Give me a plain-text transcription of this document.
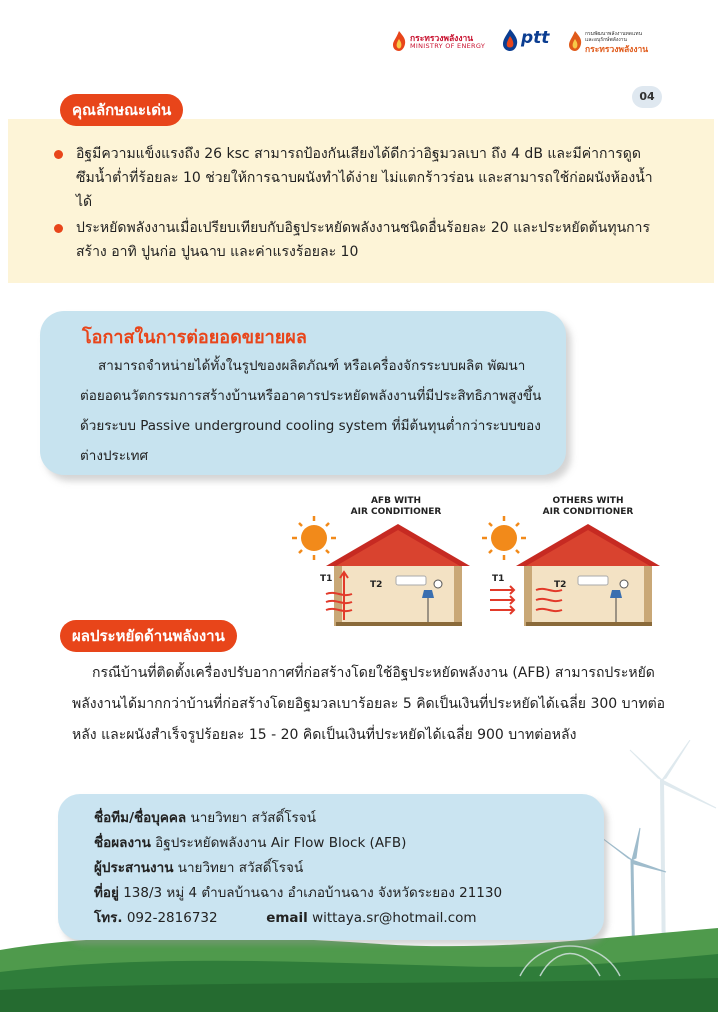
กระทรวงพลังงาน
MINISTRY OF ENERGY ptt	กรมพัฒนาพลังงานทดแทน
และอนุรักษ์พลังงาน
กระทรวงพลังงาน
04
คุณลักษณะเด่น
อิฐมีความแข็งแรงถึง 26 ksc สามารถป้องกันเสียงได้ดีกว่าอิฐมวลเบา ถึง 4 dB และมีค่าการดูดซึมน้ำต่ำที่ร้อยละ 10 ช่วยให้การฉาบผนังทำได้ง่าย ไม่แตกร้าวร่อน และสามารถใช้ก่อผนังห้องน้ำได้
ประหยัดพลังงานเมื่อเปรียบเทียบกับอิฐประหยัดพลังงานชนิดอื่นร้อยละ 20 และประหยัดต้นทุนการสร้าง อาทิ ปูนก่อ ปูนฉาบ และค่าแรงร้อยละ 10
โอกาสในการต่อยอดขยายผล
สามารถจำหน่ายได้ทั้งในรูปของผลิตภัณฑ์ หรือเครื่องจักรระบบผลิต พัฒนาต่อยอดนวัตกรรมการสร้างบ้านหรืออาคารประหยัดพลังงานที่มีประสิทธิภาพสูงขึ้นด้วยระบบ Passive underground cooling system ที่มีต้นทุนต่ำกว่าระบบของต่างประเทศ
AFB WITH
AIR CONDITIONER
OTHERS WITH
AIR CONDITIONER
T1
T2
T1
T2
ผลประหยัดด้านพลังงาน
กรณีบ้านที่ติดตั้งเครื่องปรับอากาศที่ก่อสร้างโดยใช้อิฐประหยัดพลังงาน (AFB) สามารถประหยัดพลังงานได้มากกว่าบ้านที่ก่อสร้างโดยอิฐมวลเบาร้อยละ 5 คิดเป็นเงินที่ประหยัดได้เฉลี่ย 300 บาทต่อหลัง และผนังสำเร็จรูปร้อยละ 15 - 20 คิดเป็นเงินที่ประหยัดได้เฉลี่ย 900 บาทต่อหลัง
ชื่อทีม/ชื่อบุคคล นายวิทยา สวัสดิ์โรจน์
ชื่อผลงาน อิฐประหยัดพลังงาน Air Flow Block (AFB)
ผู้ประสานงาน นายวิทยา สวัสดิ์โรจน์
ที่อยู่ 138/3 หมู่ 4 ตำบลบ้านฉาง อำเภอบ้านฉาง จังหวัดระยอง 21130
โทร. 092-2816732	email wittaya.sr@hotmail.com
